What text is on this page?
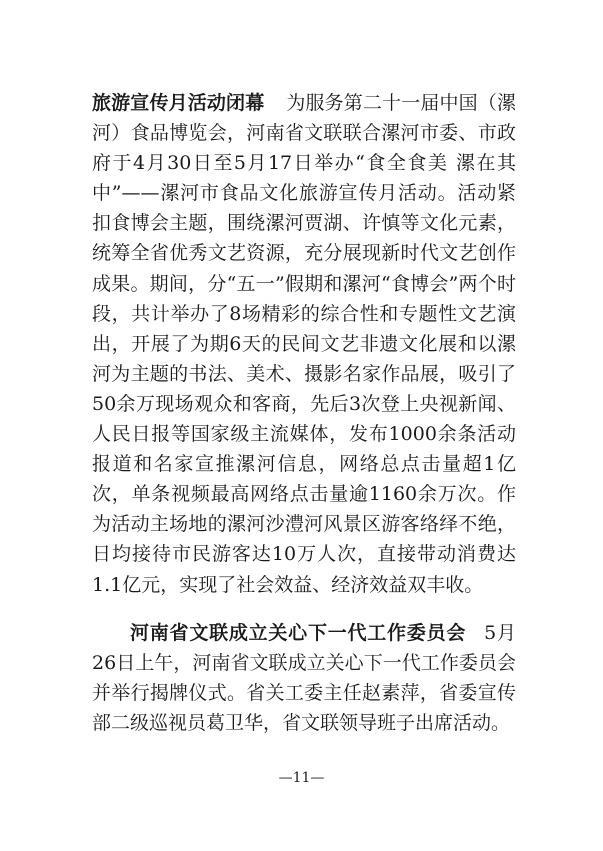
旅游宣传月活动闭幕 为服务第二十一届中国（漯河）食品博览会，河南省文联联合漯河市委、市政府于4月30日至5月17日举办“食全食美 漯在其中”——漯河市食品文化旅游宣传月活动。活动紧扣食博会主题，围绕漯河贾湖、许慎等文化元素，统筹全省优秀文艺资源，充分展现新时代文艺创作成果。期间，分“五一”假期和漯河“食博会”两个时段，共计举办了8场精彩的综合性和专题性文艺演出，开展了为期6天的民间文艺非遗文化展和以漯河为主题的书法、美术、摄影名家作品展，吸引了50余万现场观众和客商，先后3次登上央视新闻、人民日报等国家级主流媒体，发布1000余条活动报道和名家宣推漯河信息，网络总点击量超1亿次，单条视频最高网络点击量逾1160余万次。作为活动主场地的漯河沙澧河风景区游客络绎不绝，日均接待市民游客达10万人次，直接带动消费达1.1亿元，实现了社会效益、经济效益双丰收。

河南省文联成立关心下一代工作委员会 5月26日上午，河南省文联成立关心下一代工作委员会并举行揭牌仪式。省关工委主任赵素萍，省委宣传部二级巡视员葛卫华，省文联领导班子出席活动。

—11—
